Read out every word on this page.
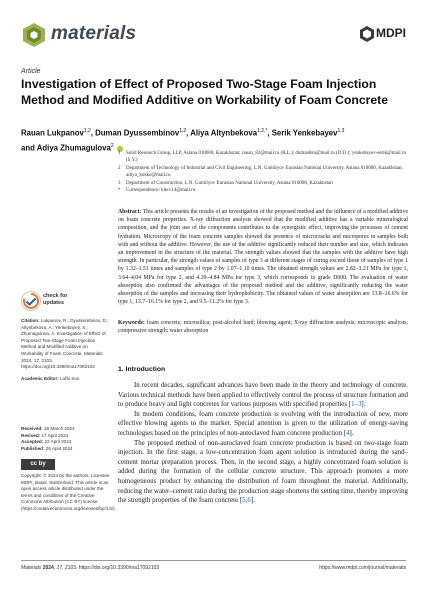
materials	MDPI
Article
Investigation of Effect of Proposed Two-Stage Foam Injection Method and Modified Additive on Workability of Foam Concrete
Rauan Lukpanov$^{1,2}$, Duman Dyussembinov$^{1,2}$, Aliya Altynbekova$^{1,2,*}$, Serik Yenkebayev$^{1,3}$
and Adiya Zhumagulova$^2$
1	Solid Research Group, LLP, Astana 010000, Kazakhstan; rauan_82@mail.ru (R.L.); duman8sn@mail.ru (D.D.); yenkebayev-serik@mail.ru (S.Y.)
2	Department of Technology of Industrial and Civil Engineering, L.N. Gumilyov Eurasian National University, Astana 010008, Kazakhstan; adiya_kokke@mail.ru
3	Department of Construction, L.N. Gumilyov Eurasian National University, Astana 010008, Kazakhstan
*	Correspondence: kleo-14@mail.ru
Abstract: This article presents the results of an investigation of the proposed method and the influence of a modified additive on foam concrete properties. X-ray diffraction analysis showed that the modified additive has a variable mineralogical composition, and the joint use of the components contributes to the synergistic effect, improving the processes of cement hydration. Microscopy of the foam concrete samples showed the presence of microcracks and micropores in samples both with and without the additive. However, the use of the additive significantly reduced their number and size, which indicates an improvement in the structure of the material. The strength values showed that the samples with the additive have high strength. In particular, the strength values of samples of type 3 at different stages of curing exceed those of samples of type 1 by 1.32–1.51 times and samples of type 2 by 1.07–1.10 times. The obtained strength values are 2.82–3.21 MPa for type 1, 3.64–4.04 MPa for type 2, and 4.39–4.84 MPa for type 3, which corresponds to grade D600. The evaluation of water absorption also confirmed the advantages of the proposed method and the additive, significantly reducing the water absorption of the samples and increasing their hydrophobicity. The obtained values of water absorption are 13.8–16.6% for type 1, 13.7–16.1% for type 2, and 9.5–11.2% for type 3.
Keywords: foam concrete; microsilica; post-alcohol bard; blowing agent; X-ray diffraction analysis; microscopic analysis; compressive strength; water absorption
check for
updates
Citation: Lukpanov, R.; Dyussembinov, D.; Altynbekova, A.; Yenkebayev, S.; Zhumagulova, A. Investigation of Effect of Proposed Two-Stage Foam Injection Method and Modified Additive on Workability of Foam Concrete. Materials 2024, 17, 2103. https://doi.org/10.3390/ma17092103
Academic Editor: Luĭbi Sun
Received: 19 March 2024
Revised: 17 April 2024
Accepted: 22 April 2024
Published: 26 April 2024
cc by
Copyright: © 2024 by the authors. Licensee MDPI, Basel, Switzerland. This article is an open access article distributed under the terms and conditions of the Creative Commons Attribution (CC BY) license (https://creativecommons.org/licenses/by/4.0/).
1. Introduction

In recent decades, significant advances have been made in the theory and technology of concrete. Various technical methods have been applied to effectively control the process of structure formation and to produce heavy and light concretes for various purposes with specified properties [1–3].

In modern conditions, foam concrete production is evolving with the introduction of new, more effective blowing agents to the market. Special attention is given to the utilization of energy-saving technologies based on the principles of non-autoclaved foam concrete production [4].

The proposed method of non-autoclaved foam concrete production is based on two-stage foam injection. In the first stage, a low-concentration foam agent solution is introduced during the sand–cement mortar preparation process. Then, in the second stage, a highly concentrated foam solution is added during the formation of the cellular concrete structure. This approach promotes a more homogeneous product by enhancing the distribution of foam throughout the material. Additionally, reducing the water–cement ratio during the production stage shortens the setting time, thereby improving the strength properties of the foam concrete [5,6].

Materials 2024, 17, 2103. https://doi.org/10.3390/ma17092103	https://www.mdpi.com/journal/materials
